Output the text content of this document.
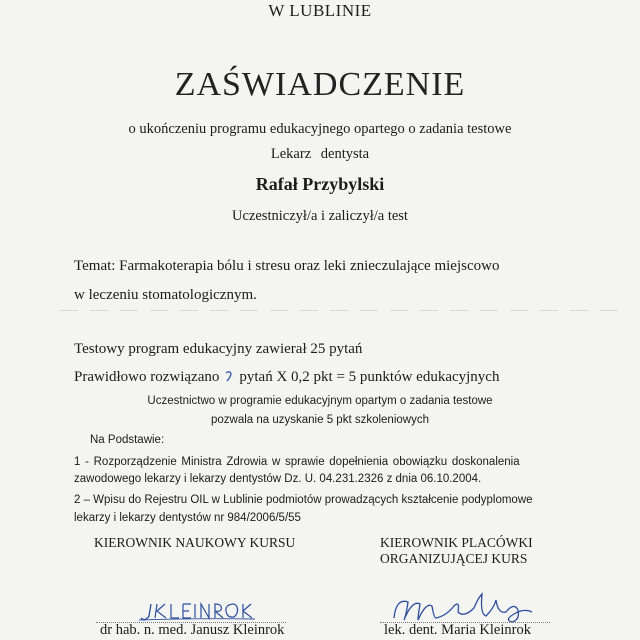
W LUBLINIE
ZAŚWIADCZENIE
o ukończeniu programu edukacyjnego opartego o zadania testowe
Lekarz dentysta
Rafał Przybylski
Uczestniczył/a i zaliczył/a test
Temat: Farmakoterapia bólu i stresu oraz leki znieczulające miejscowo
w leczeniu stomatologicznym.
Testowy program edukacyjny zawierał 25 pytań
Prawidłowo rozwiązano pytań X 0,2 pkt = 5 punktów edukacyjnych
Uczestnictwo w programie edukacyjnym opartym o zadania testowe
pozwala na uzyskanie 5 pkt szkoleniowych
Na Podstawie:
1 - Rozporządzenie Ministra Zdrowia w sprawie dopełnienia obowiązku doskonalenia
zawodowego lekarzy i lekarzy dentystów Dz. U. 04.231.2326 z dnia 06.10.2004.
2 – Wpisu do Rejestru OIL w Lublinie podmiotów prowadzących kształcenie podyplomowe
lekarzy i lekarzy dentystów nr 984/2006/5/55
KIEROWNIK NAUKOWY KURSU	KIEROWNIK PLACÓWKI
ORGANIZUJĄCEJ KURS
dr hab. n. med. Janusz Kleinrok	lek. dent. Maria Kleinrok
